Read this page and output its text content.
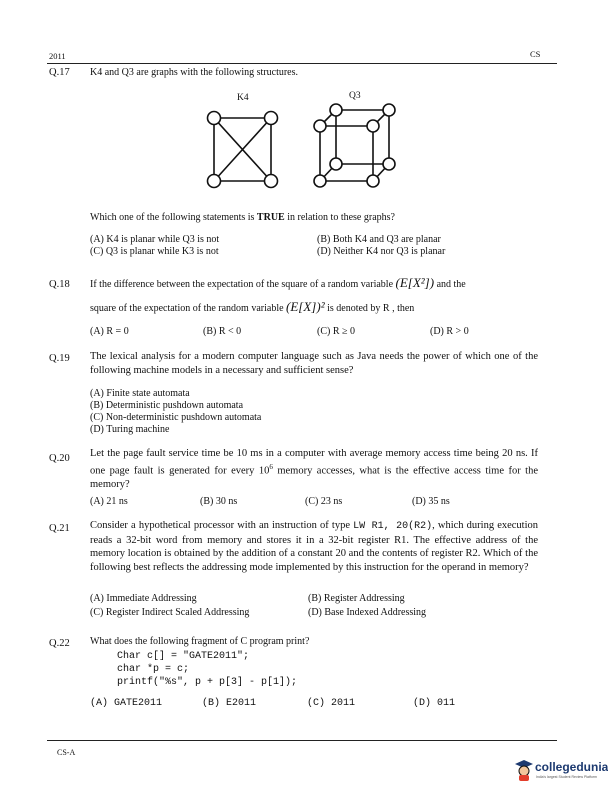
2011	CS
Q.17 K4 and Q3 are graphs with the following structures.
K4	Q3
Which one of the following statements is TRUE in relation to these graphs?
(A) K4 is planar while Q3 is not	(B) Both K4 and Q3 are planar
(C) Q3 is planar while K3 is not	(D) Neither K4 nor Q3 is planar
Q.18 If the difference between the expectation of the square of a random variable (E[X²]) and the
square of the expectation of the random variable (E[X])² is denoted by R , then
(A) R = 0	(B) R < 0	(C) R ≥ 0	(D) R > 0
Q.19 The lexical analysis for a modern computer language such as Java needs the power of which one of the following machine models in a necessary and sufficient sense?
(A) Finite state automata
(B) Deterministic pushdown automata
(C) Non-deterministic pushdown automata
(D) Turing machine
Q.20 Let the page fault service time be 10 ms in a computer with average memory access time being 20 ns. If one page fault is generated for every $10^6$ memory accesses, what is the effective access time for the memory?
(A) 21 ns	(B) 30 ns	(C) 23 ns	(D) 35 ns
Q.21 Consider a hypothetical processor with an instruction of type LW R1, 20(R2), which during execution reads a 32-bit word from memory and stores it in a 32-bit register R1. The effective address of the memory location is obtained by the addition of a constant 20 and the contents of register R2. Which of the following best reflects the addressing mode implemented by this instruction for the operand in memory?
(A) Immediate Addressing	(B) Register Addressing
(C) Register Indirect Scaled Addressing	(D) Base Indexed Addressing
Q.22 What does the following fragment of C program print?
Char c[] = "GATE2011";
char *p = c;
printf("%s", p + p[3] - p[1]);
(A) GATE2011	(B) E2011	(C) 2011	(D) 011
CS-A
collegedunia
India's largest Student Review Platform
